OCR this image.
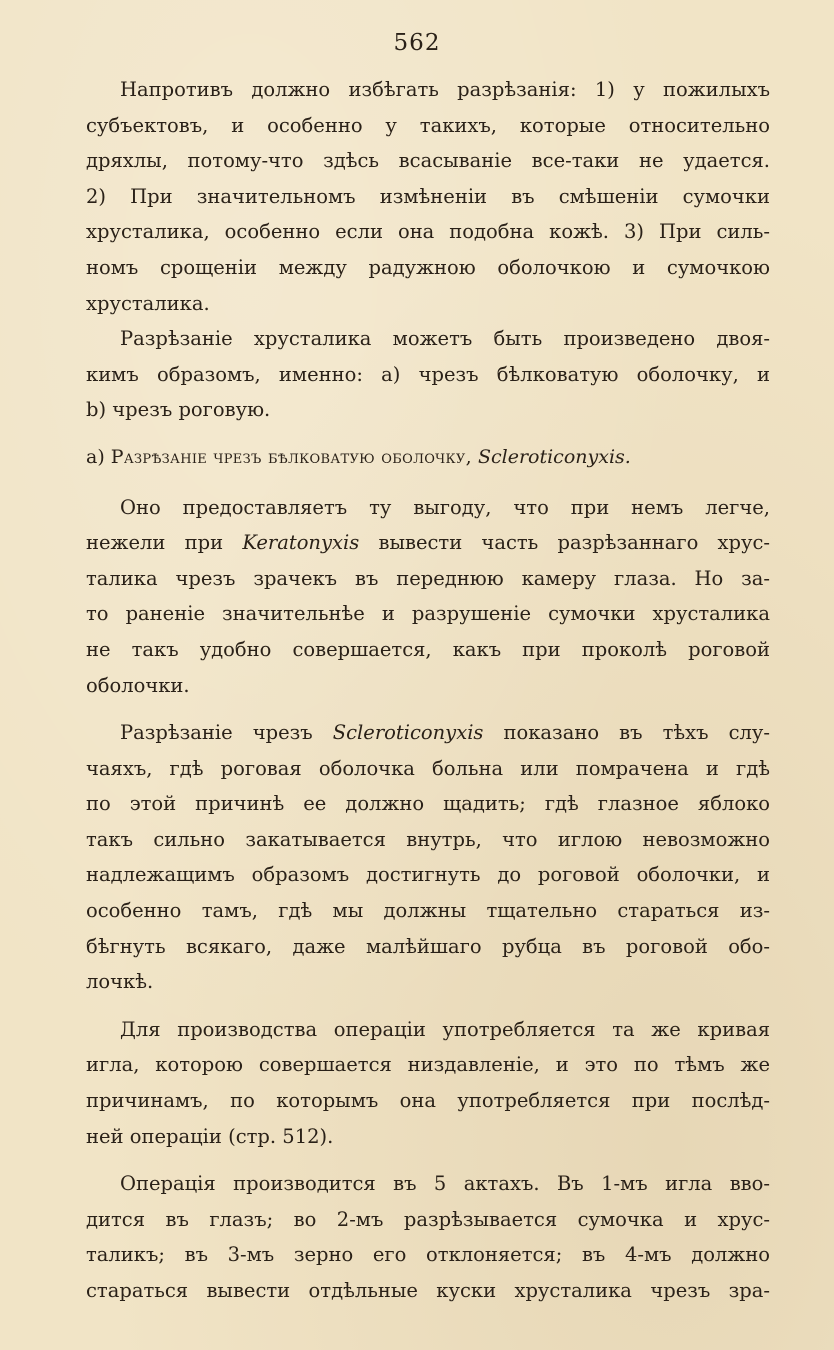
562
Напротивъ должно избѣгать разрѣзанія: 1) у пожилыхъ
субъектовъ, и особенно у такихъ, которые относительно
дряхлы, потому-что здѣсь всасываніе все-таки не удается.
2) При значительномъ измѣненіи въ смѣшеніи сумочки
хрусталика, особенно если она подобна кожѣ. 3) При силь-
номъ срощеніи между радужною оболочкою и сумочкою
хрусталика.
Разрѣзаніе хрусталика можетъ быть произведено двоя-
кимъ образомъ, именно: a) чрезъ бѣлковатую оболочку, и
b) чрезъ роговую.
a) Разрѣзаніе чрезъ бѣлковатую оболочку, Scleroticonyxis.
Оно предоставляетъ ту выгоду, что при немъ легче,
нежели при Keratonyxis вывести часть разрѣзаннаго хрус-
талика чрезъ зрачекъ въ переднюю камеру глаза. Но за-
то раненіе значительнѣе и разрушеніе сумочки хрусталика
не такъ удобно совершается, какъ при проколѣ роговой
оболочки.
Разрѣзаніе чрезъ Scleroticonyxis показано въ тѣхъ слу-
чаяхъ, гдѣ роговая оболочка больна или помрачена и гдѣ
по этой причинѣ ее должно щадить; гдѣ глазное яблоко
такъ сильно закатывается внутрь, что иглою невозможно
надлежащимъ образомъ достигнуть до роговой оболочки, и
особенно тамъ, гдѣ мы должны тщательно стараться из-
бѣгнуть всякаго, даже малѣйшаго рубца въ роговой обо-
лочкѣ.
Для производства операціи употребляется та же кривая
игла, которою совершается низдавленіе, и это по тѣмъ же
причинамъ, по которымъ она употребляется при послѣд-
ней операціи (стр. 512).
Операція производится въ 5 актахъ. Въ 1-мъ игла вво-
дится въ глазъ; во 2-мъ разрѣзывается сумочка и хрус-
таликъ; въ 3-мъ зерно его отклоняется; въ 4-мъ должно
стараться вывести отдѣльные куски хрусталика чрезъ зра-
